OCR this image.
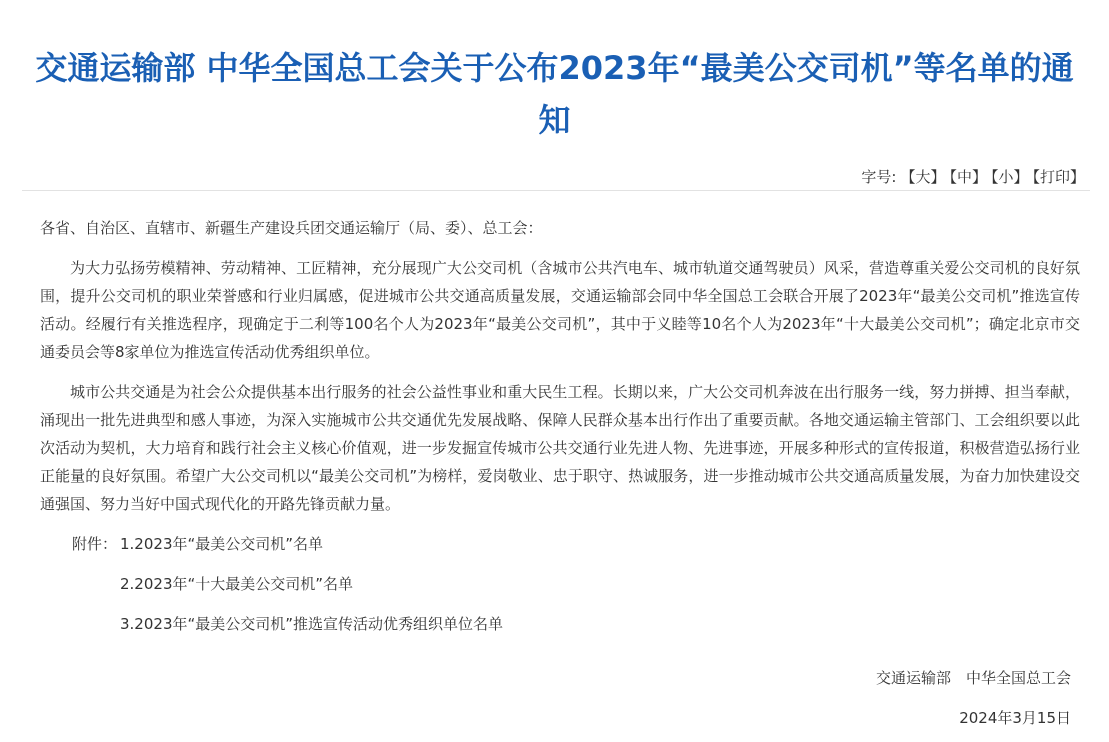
交通运输部 中华全国总工会关于公布2023年“最美公交司机”等名单的通知
字号: 【大】 【中】 【小】 【打印】

各省、自治区、直辖市、新疆生产建设兵团交通运输厅（局、委）、总工会：

为大力弘扬劳模精神、劳动精神、工匠精神，充分展现广大公交司机（含城市公共汽电车、城市轨道交通驾驶员）风采，营造尊重关爱公交司机的良好氛围，提升公交司机的职业荣誉感和行业归属感，促进城市公共交通高质量发展，交通运输部会同中华全国总工会联合开展了2023年“最美公交司机”推选宣传活动。经履行有关推选程序，现确定于二利等100名个人为2023年“最美公交司机”，其中于义睦等10名个人为2023年“十大最美公交司机”；确定北京市交通委员会等8家单位为推选宣传活动优秀组织单位。

城市公共交通是为社会公众提供基本出行服务的社会公益性事业和重大民生工程。长期以来，广大公交司机奔波在出行服务一线，努力拼搏、担当奉献，涌现出一批先进典型和感人事迹，为深入实施城市公共交通优先发展战略、保障人民群众基本出行作出了重要贡献。各地交通运输主管部门、工会组织要以此次活动为契机，大力培育和践行社会主义核心价值观，进一步发掘宣传城市公共交通行业先进人物、先进事迹，开展多种形式的宣传报道，积极营造弘扬行业正能量的良好氛围。希望广大公交司机以“最美公交司机”为榜样，爱岗敬业、忠于职守、热诚服务，进一步推动城市公共交通高质量发展，为奋力加快建设交通强国、努力当好中国式现代化的开路先锋贡献力量。

附件： 1.2023年“最美公交司机”名单
2.2023年“十大最美公交司机”名单
3.2023年“最美公交司机”推选宣传活动优秀组织单位名单
交通运输部　中华全国总工会
2024年3月15日
